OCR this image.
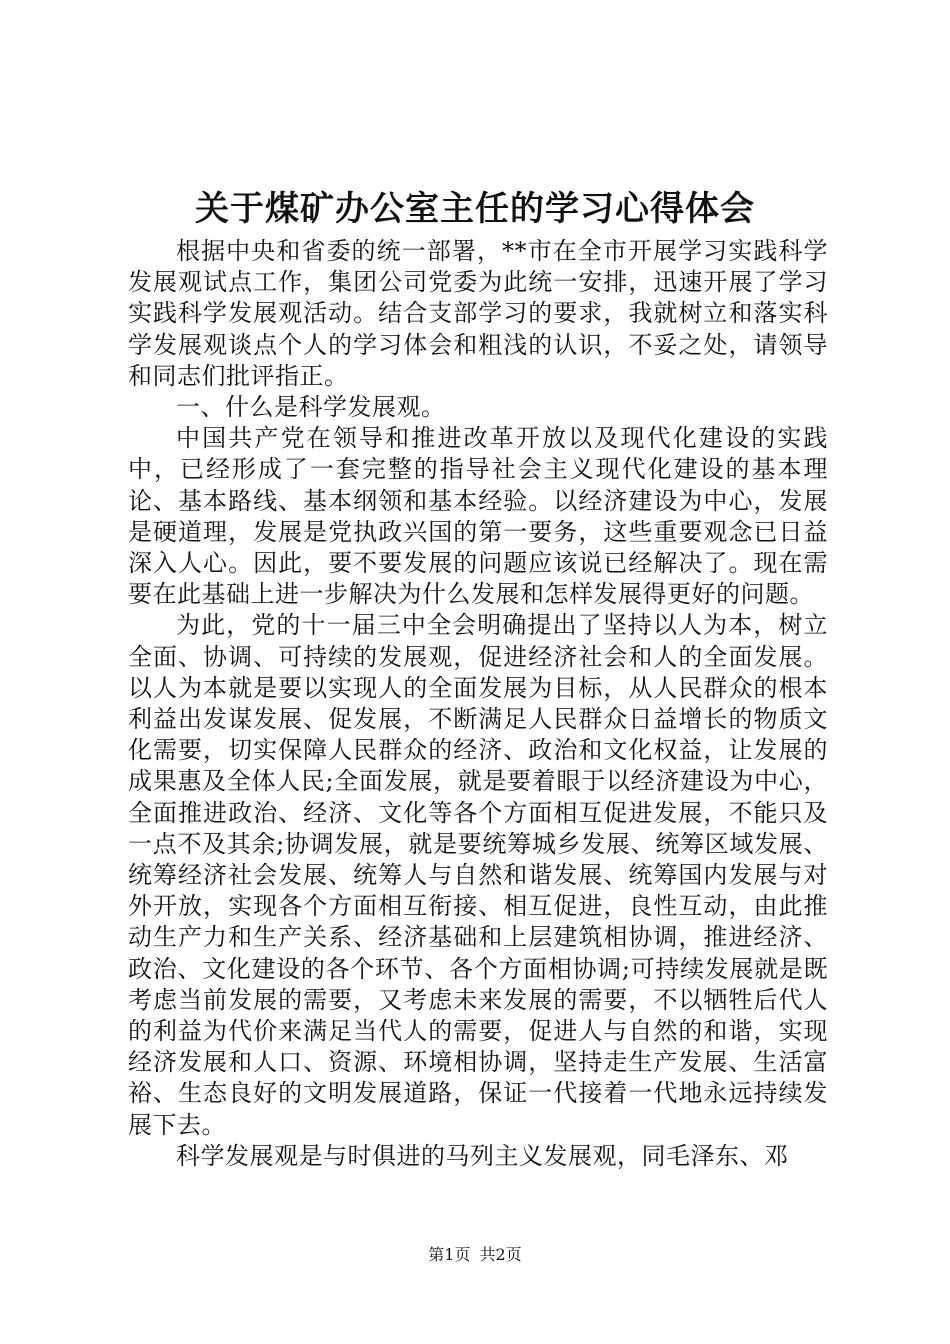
关于煤矿办公室主任的学习心得体会

根据中央和省委的统一部署，**市在全市开展学习实践科学发展观试点工作，集团公司党委为此统一安排，迅速开展了学习实践科学发展观活动。结合支部学习的要求，我就树立和落实科学发展观谈点个人的学习体会和粗浅的认识，不妥之处，请领导和同志们批评指正。

一、什么是科学发展观。

中国共产党在领导和推进改革开放以及现代化建设的实践中，已经形成了一套完整的指导社会主义现代化建设的基本理论、基本路线、基本纲领和基本经验。以经济建设为中心，发展是硬道理，发展是党执政兴国的第一要务，这些重要观念已日益深入人心。因此，要不要发展的问题应该说已经解决了。现在需要在此基础上进一步解决为什么发展和怎样发展得更好的问题。

为此，党的十一届三中全会明确提出了坚持以人为本，树立全面、协调、可持续的发展观，促进经济社会和人的全面发展。以人为本就是要以实现人的全面发展为目标，从人民群众的根本利益出发谋发展、促发展，不断满足人民群众日益增长的物质文化需要，切实保障人民群众的经济、政治和文化权益，让发展的成果惠及全体人民;全面发展，就是要着眼于以经济建设为中心，全面推进政治、经济、文化等各个方面相互促进发展，不能只及一点不及其余;协调发展，就是要统筹城乡发展、统筹区域发展、统筹经济社会发展、统筹人与自然和谐发展、统筹国内发展与对外开放，实现各个方面相互衔接、相互促进，良性互动，由此推动生产力和生产关系、经济基础和上层建筑相协调，推进经济、政治、文化建设的各个环节、各个方面相协调;可持续发展就是既考虑当前发展的需要，又考虑未来发展的需要，不以牺牲后代人的利益为代价来满足当代人的需要，促进人与自然的和谐，实现经济发展和人口、资源、环境相协调，坚持走生产发展、生活富裕、生态良好的文明发展道路，保证一代接着一代地永远持续发展下去。

科学发展观是与时俱进的马列主义发展观，同毛泽东、邓

第1页 共2页
